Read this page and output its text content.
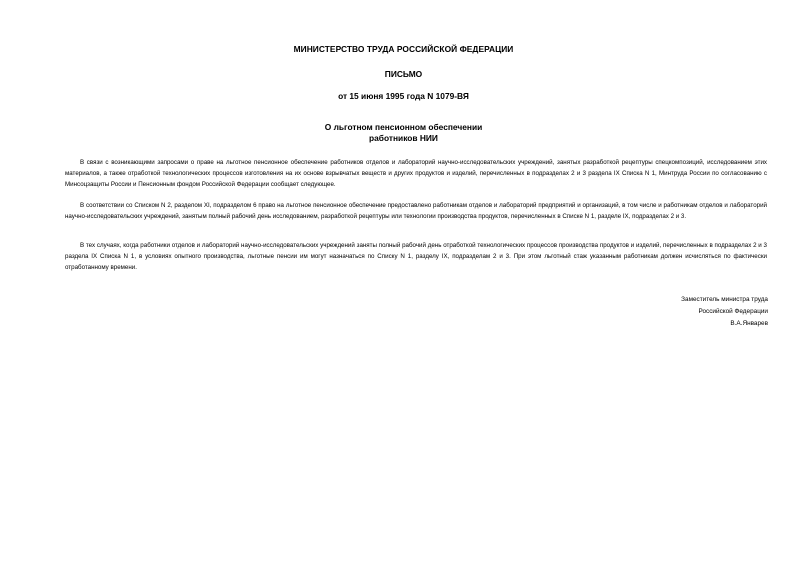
МИНИСТЕРСТВО ТРУДА РОССИЙСКОЙ ФЕДЕРАЦИИ

ПИСЬМО

от 15 июня 1995 года N 1079-ВЯ

О льготном пенсионном обеспечении
работников НИИ

В связи с возникающими запросами о праве на льготное пенсионное обеспечение работников отделов и лабораторий научно-исследовательских учреждений, занятых разработкой рецептуры спецкомпозиций, исследованием этих материалов, а также отработкой технологических процессов изготовления на их основе взрывчатых веществ и других продуктов и изделий, перечисленных в подразделах 2 и 3 раздела IX Списка N 1, Минтруда России по согласованию с Минсоцзащиты России и Пенсионным фондом Российской Федерации сообщает следующее.

В соответствии со Списком N 2, разделом XI, подразделом 6 право на льготное пенсионное обеспечение предоставлено работникам отделов и лабораторий предприятий и организаций, в том числе и работникам отделов и лабораторий научно-исследовательских учреждений, занятым полный рабочий день исследованием, разработкой рецептуры или технологии производства продуктов, перечисленных в Списке N 1, разделе IX, подразделах 2 и 3.

В тех случаях, когда работники отделов и лабораторий научно-исследовательских учреждений заняты полный рабочий день отработкой технологических процессов производства продуктов и изделий, перечисленных в подразделах 2 и 3 раздела IX Списка N 1, в условиях опытного производства, льготные пенсии им могут назначаться по Списку N 1, разделу IX, подразделам 2 и 3. При этом льготный стаж указанным работникам должен исчисляться по фактически отработанному времени.

Заместитель министра труда
Российской Федерации
В.А.Январев
